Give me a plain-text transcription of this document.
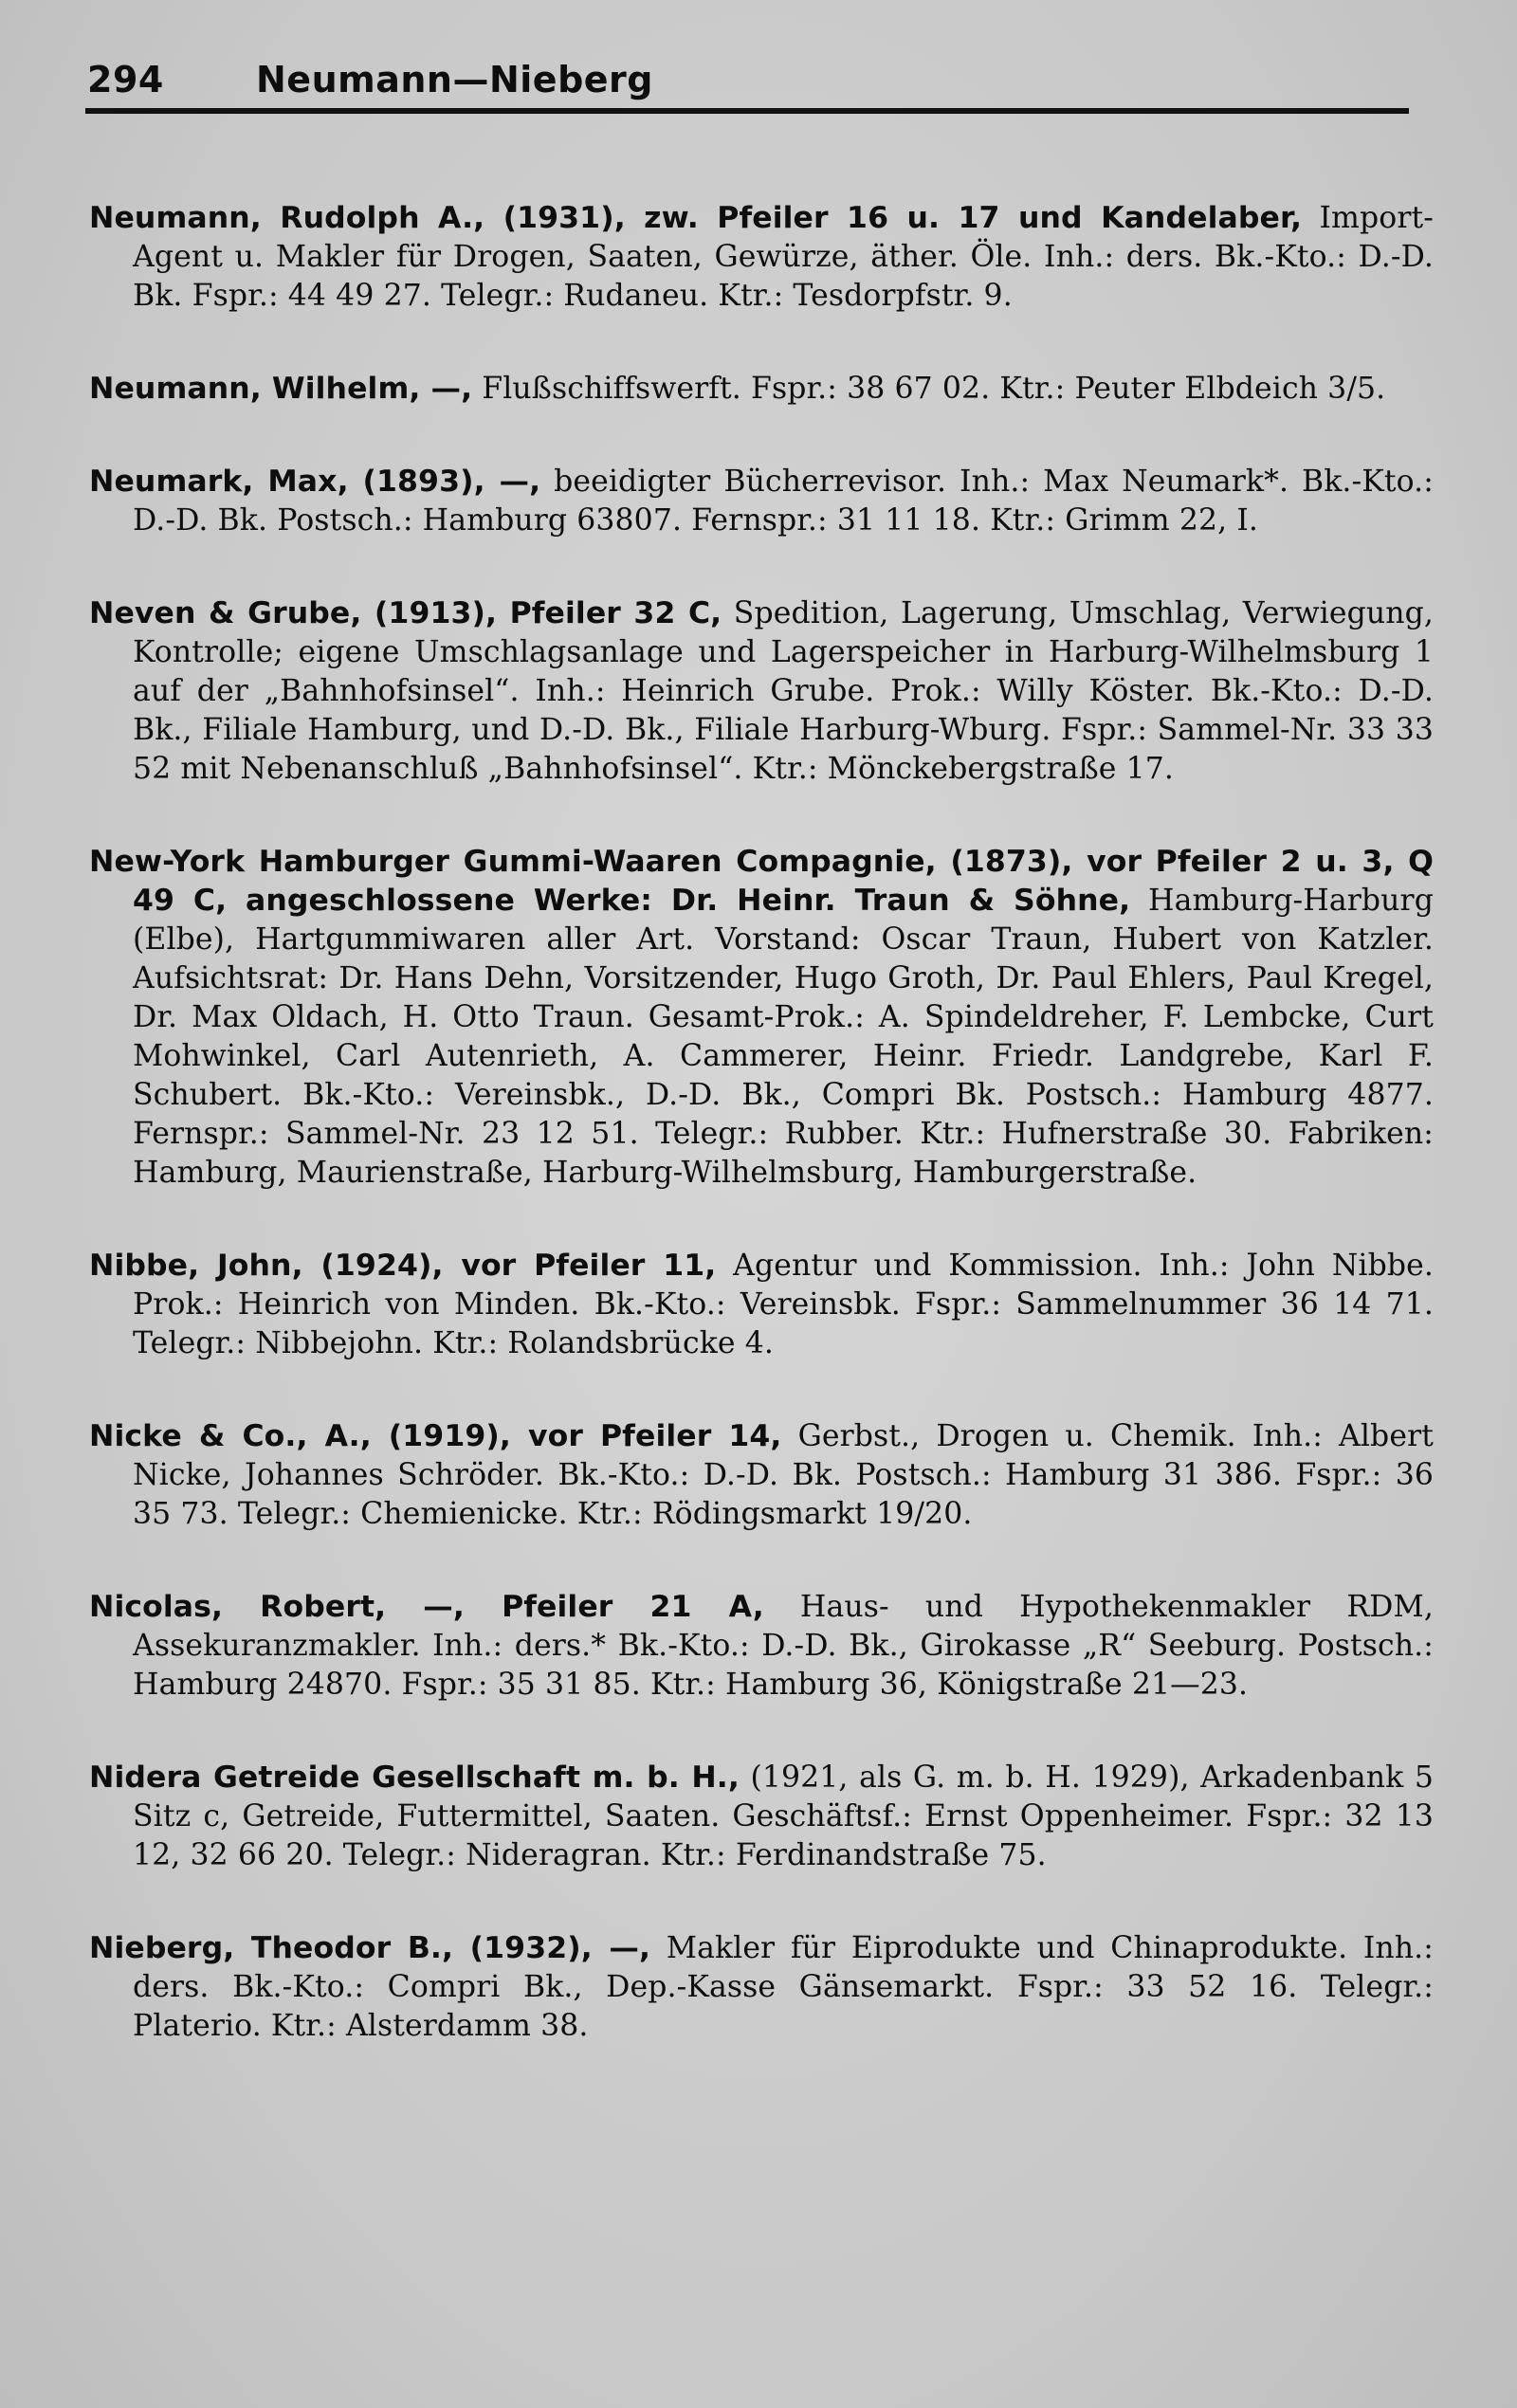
294	Neumann—Nieberg

Neumann, Rudolph A., (1931), zw. Pfeiler 16 u. 17 und Kandelaber, Import-Agent u. Makler für Drogen, Saaten, Gewürze, äther. Öle. Inh.: ders. Bk.-Kto.: D.-D. Bk. Fspr.: 44 49 27. Telegr.: Rudaneu. Ktr.: Tesdorpfstr. 9.

Neumann, Wilhelm, —, Flußschiffswerft. Fspr.: 38 67 02. Ktr.: Peuter Elbdeich 3/5.

Neumark, Max, (1893), —, beeidigter Bücherrevisor. Inh.: Max Neumark*. Bk.-Kto.: D.-D. Bk. Postsch.: Hamburg 63807. Fernspr.: 31 11 18. Ktr.: Grimm 22, I.

Neven & Grube, (1913), Pfeiler 32 C, Spedition, Lagerung, Umschlag, Verwiegung, Kontrolle; eigene Umschlagsanlage und Lagerspeicher in Harburg-Wilhelmsburg 1 auf der „Bahnhofsinsel“. Inh.: Heinrich Grube. Prok.: Willy Köster. Bk.-Kto.: D.-D. Bk., Filiale Hamburg, und D.-D. Bk., Filiale Harburg-Wburg. Fspr.: Sammel-Nr. 33 33 52 mit Nebenanschluß „Bahnhofsinsel“. Ktr.: Mönckebergstraße 17.

New-York Hamburger Gummi-Waaren Compagnie, (1873), vor Pfeiler 2 u. 3, Q 49 C, angeschlossene Werke: Dr. Heinr. Traun & Söhne, Hamburg-Harburg (Elbe), Hartgummiwaren aller Art. Vorstand: Oscar Traun, Hubert von Katzler. Aufsichtsrat: Dr. Hans Dehn, Vorsitzender, Hugo Groth, Dr. Paul Ehlers, Paul Kregel, Dr. Max Oldach, H. Otto Traun. Gesamt-Prok.: A. Spindeldreher, F. Lembcke, Curt Mohwinkel, Carl Autenrieth, A. Cammerer, Heinr. Friedr. Landgrebe, Karl F. Schubert. Bk.-Kto.: Vereinsbk., D.-D. Bk., Compri Bk. Postsch.: Hamburg 4877. Fernspr.: Sammel-Nr. 23 12 51. Telegr.: Rubber. Ktr.: Hufnerstraße 30. Fabriken: Hamburg, Maurienstraße, Harburg-Wilhelmsburg, Hamburgerstraße.

Nibbe, John, (1924), vor Pfeiler 11, Agentur und Kommission. Inh.: John Nibbe. Prok.: Heinrich von Minden. Bk.-Kto.: Vereinsbk. Fspr.: Sammelnummer 36 14 71. Telegr.: Nibbejohn. Ktr.: Rolandsbrücke 4.

Nicke & Co., A., (1919), vor Pfeiler 14, Gerbst., Drogen u. Chemik. Inh.: Albert Nicke, Johannes Schröder. Bk.-Kto.: D.-D. Bk. Postsch.: Hamburg 31 386. Fspr.: 36 35 73. Telegr.: Chemienicke. Ktr.: Rödingsmarkt 19/20.

Nicolas, Robert, —, Pfeiler 21 A, Haus- und Hypothekenmakler RDM, Assekuranzmakler. Inh.: ders.* Bk.-Kto.: D.-D. Bk., Girokasse „R“ Seeburg. Postsch.: Hamburg 24870. Fspr.: 35 31 85. Ktr.: Hamburg 36, Königstraße 21—23.

Nidera Getreide Gesellschaft m. b. H., (1921, als G. m. b. H. 1929), Arkadenbank 5 Sitz c, Getreide, Futtermittel, Saaten. Geschäftsf.: Ernst Oppenheimer. Fspr.: 32 13 12, 32 66 20. Telegr.: Nideragran. Ktr.: Ferdinandstraße 75.

Nieberg, Theodor B., (1932), —, Makler für Eiprodukte und Chinaprodukte. Inh.: ders. Bk.-Kto.: Compri Bk., Dep.-Kasse Gänsemarkt. Fspr.: 33 52 16. Telegr.: Platerio. Ktr.: Alsterdamm 38.
